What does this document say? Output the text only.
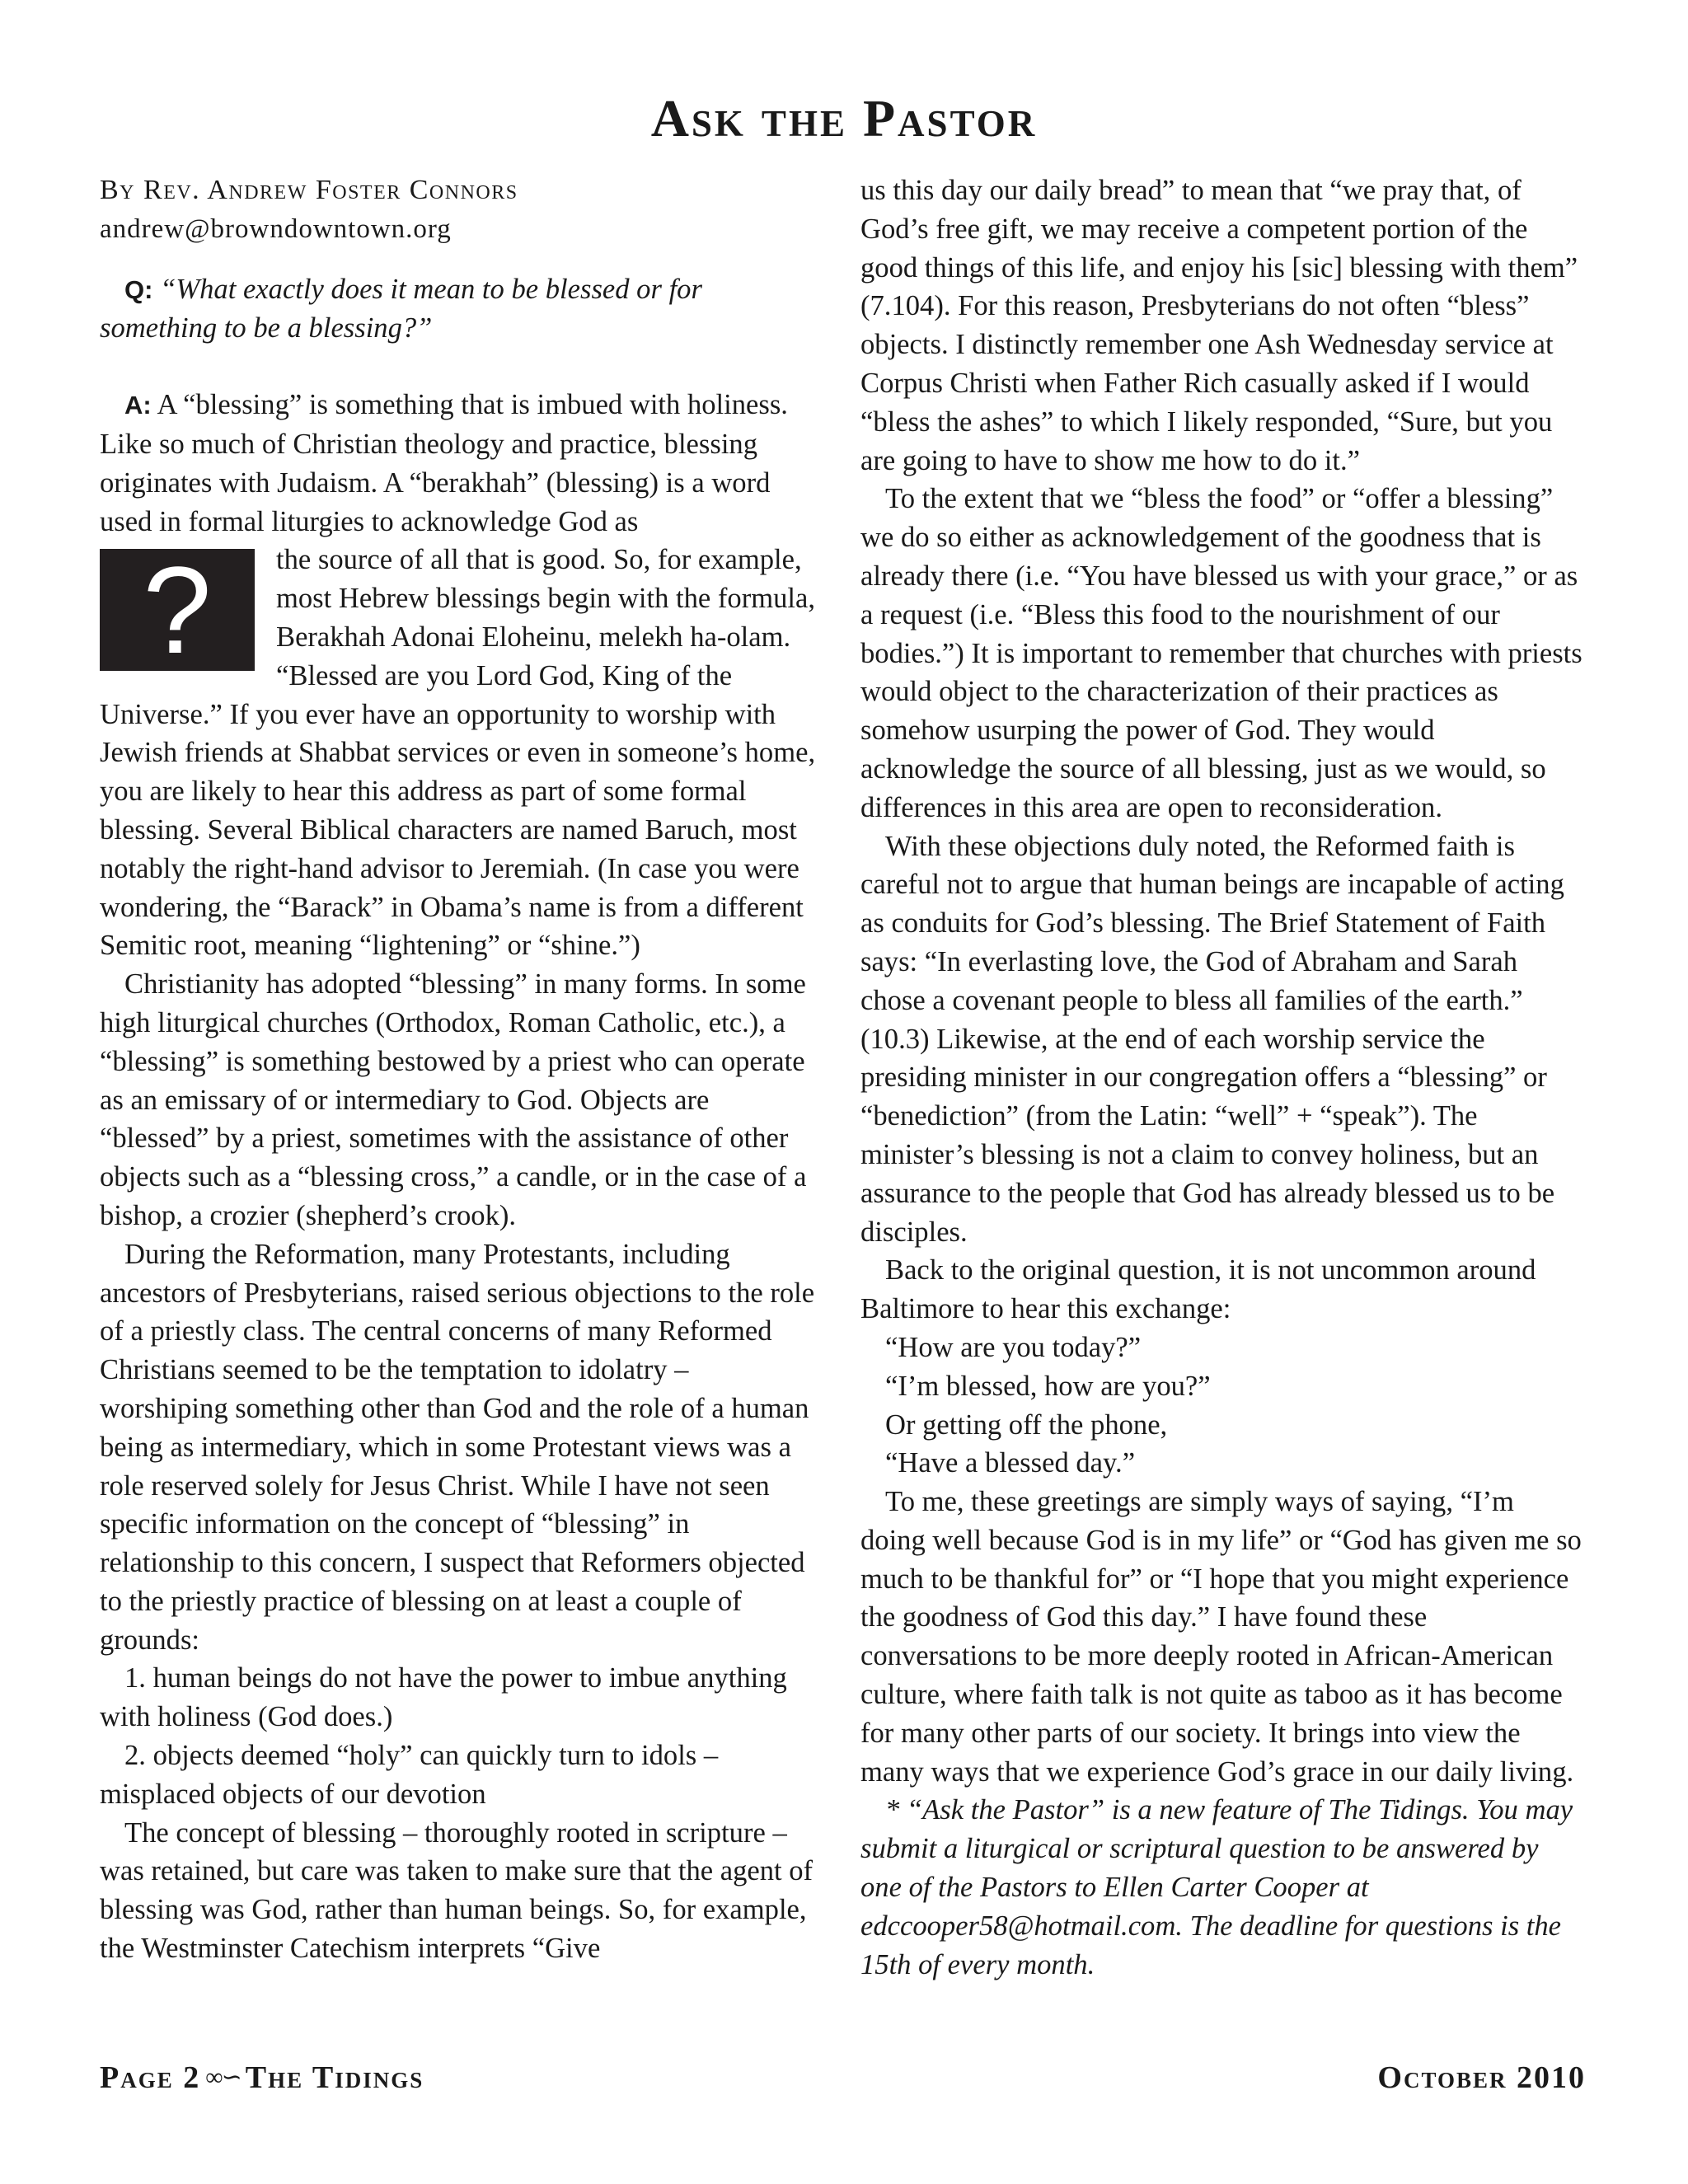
Ask the Pastor
By Rev. Andrew Foster Connors
andrew@browndowntown.org

Q: “What exactly does it mean to be blessed or for something to be a blessing?”

A: A “blessing” is something that is imbued with holiness. Like so much of Christian theology and practice, blessing originates with Judaism. A “berakhah” (blessing) is a word used in formal liturgies to acknowledge God as

?	the source of all that is good. So, for example, most Hebrew blessings begin with the formula, Berakhah Adonai Eloheinu, melekh ha-olam. “Blessed are you Lord God, King of the Universe.” If you ever have an opportunity to worship with Jewish friends at Shabbat services or even in someone’s home, you are likely to hear this address as part of some formal blessing. Several Biblical characters are named Baruch, most notably the right-hand advisor to Jeremiah. (In case you were wondering, the “Barack” in Obama’s name is from a different Semitic root, meaning “lightening” or “shine.”)

Christianity has adopted “blessing” in many forms. In some high liturgical churches (Orthodox, Roman Catholic, etc.), a “blessing” is something bestowed by a priest who can operate as an emissary of or intermediary to God. Objects are “blessed” by a priest, sometimes with the assistance of other objects such as a “blessing cross,” a candle, or in the case of a bishop, a crozier (shepherd’s crook).

During the Reformation, many Protestants, including ancestors of Presbyterians, raised serious objections to the role of a priestly class. The central concerns of many Reformed Christians seemed to be the temptation to idolatry – worshiping something other than God and the role of a human being as intermediary, which in some Protestant views was a role reserved solely for Jesus Christ. While I have not seen specific information on the concept of “blessing” in relationship to this concern, I suspect that Reformers objected to the priestly practice of blessing on at least a couple of grounds:

1. human beings do not have the power to imbue anything with holiness (God does.)

2. objects deemed “holy” can quickly turn to idols – misplaced objects of our devotion

The concept of blessing – thoroughly rooted in scripture – was retained, but care was taken to make sure that the agent of blessing was God, rather than human beings. So, for example, the Westminster Catechism interprets “Give

us this day our daily bread” to mean that “we pray that, of God’s free gift, we may receive a competent portion of the good things of this life, and enjoy his [sic] blessing with them” (7.104). For this reason, Presbyterians do not often “bless” objects. I distinctly remember one Ash Wednesday service at Corpus Christi when Father Rich casually asked if I would “bless the ashes” to which I likely responded, “Sure, but you are going to have to show me how to do it.”

To the extent that we “bless the food” or “offer a blessing” we do so either as acknowledgement of the goodness that is already there (i.e. “You have blessed us with your grace,” or as a request (i.e. “Bless this food to the nourishment of our bodies.”) It is important to remember that churches with priests would object to the characterization of their practices as somehow usurping the power of God. They would acknowledge the source of all blessing, just as we would, so differences in this area are open to reconsideration.

With these objections duly noted, the Reformed faith is careful not to argue that human beings are incapable of acting as conduits for God’s blessing. The Brief Statement of Faith says: “In everlasting love, the God of Abraham and Sarah chose a covenant people to bless all families of the earth.” (10.3) Likewise, at the end of each worship service the presiding minister in our congregation offers a “blessing” or “benediction” (from the Latin: “well” + “speak”). The minister’s blessing is not a claim to convey holiness, but an assurance to the people that God has already blessed us to be disciples.

Back to the original question, it is not uncommon around Baltimore to hear this exchange:

“How are you today?”

“I’m blessed, how are you?”

Or getting off the phone,

“Have a blessed day.”

To me, these greetings are simply ways of saying, “I’m doing well because God is in my life” or “God has given me so much to be thankful for” or “I hope that you might experience the goodness of God this day.” I have found these conversations to be more deeply rooted in African-American culture, where faith talk is not quite as taboo as it has become for many other parts of our society. It brings into view the many ways that we experience God’s grace in our daily living.

* “Ask the Pastor” is a new feature of The Tidings. You may submit a liturgical or scriptural question to be answered by one of the Pastors to Ellen Carter Cooper at edccooper58@hotmail.com. The deadline for questions is the 15th of every month.

Page 2 ∞∽ The Tidings	October 2010
